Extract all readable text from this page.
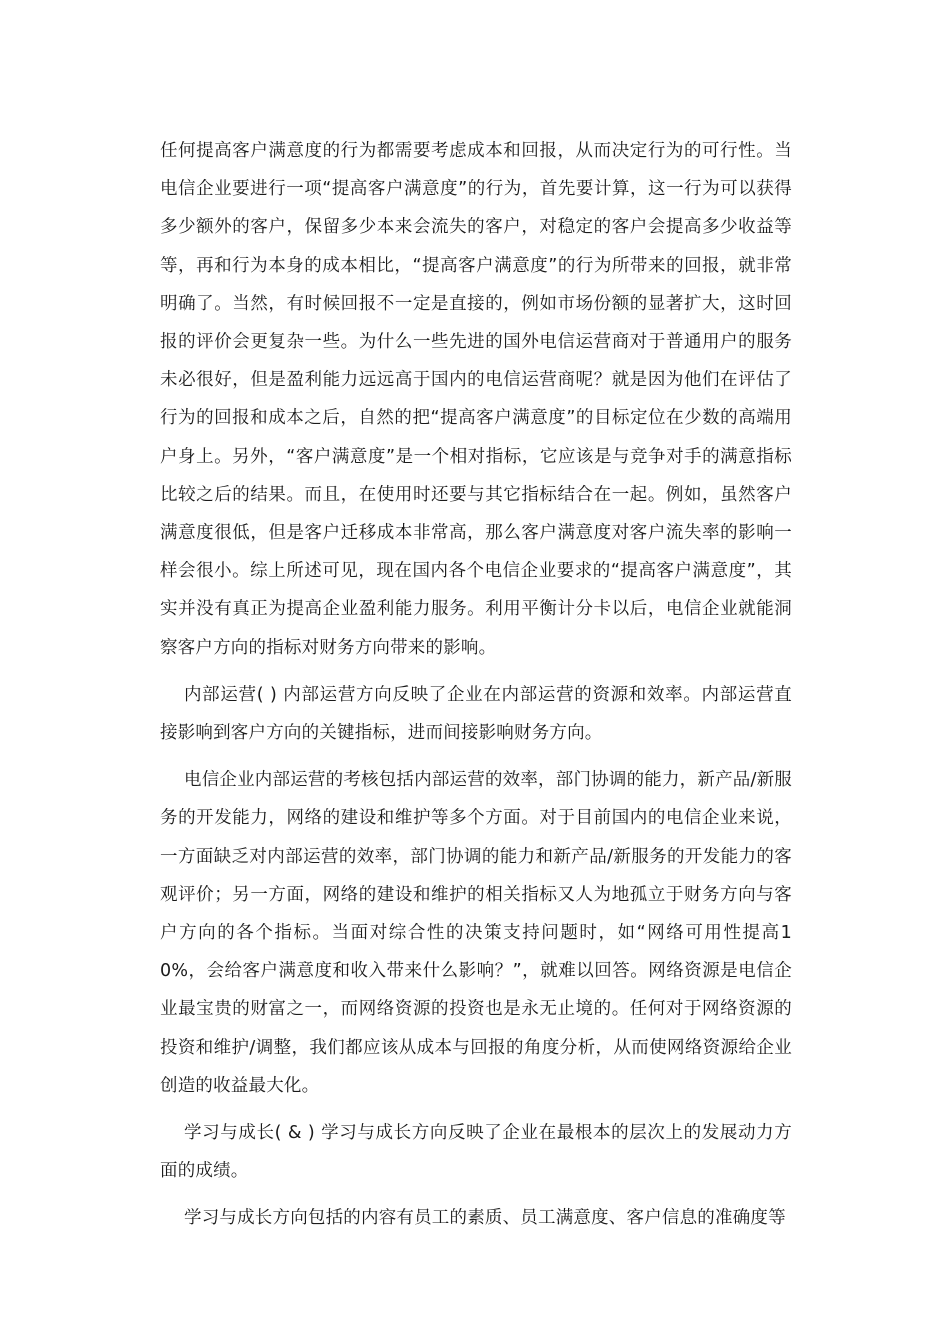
任何提高客户满意度的行为都需要考虑成本和回报，从而决定行为的可行性。当电信企业要进行一项“提高客户满意度”的行为，首先要计算，这一行为可以获得多少额外的客户，保留多少本来会流失的客户，对稳定的客户会提高多少收益等等，再和行为本身的成本相比，“提高客户满意度”的行为所带来的回报，就非常明确了。当然，有时候回报不一定是直接的，例如市场份额的显著扩大，这时回报的评价会更复杂一些。为什么一些先进的国外电信运营商对于普通用户的服务未必很好，但是盈利能力远远高于国内的电信运营商呢？就是因为他们在评估了行为的回报和成本之后，自然的把“提高客户满意度”的目标定位在少数的高端用户身上。另外，“客户满意度”是一个相对指标，它应该是与竞争对手的满意指标比较之后的结果。而且，在使用时还要与其它指标结合在一起。例如，虽然客户满意度很低，但是客户迁移成本非常高，那么客户满意度对客户流失率的影响一样会很小。综上所述可见，现在国内各个电信企业要求的“提高客户满意度”，其实并没有真正为提高企业盈利能力服务。利用平衡计分卡以后，电信企业就能洞察客户方向的指标对财务方向带来的影响。

内部运营( ) 内部运营方向反映了企业在内部运营的资源和效率。内部运营直接影响到客户方向的关键指标，进而间接影响财务方向。

电信企业内部运营的考核包括内部运营的效率，部门协调的能力，新产品/新服务的开发能力，网络的建设和维护等多个方面。对于目前国内的电信企业来说，一方面缺乏对内部运营的效率，部门协调的能力和新产品/新服务的开发能力的客观评价；另一方面，网络的建设和维护的相关指标又人为地孤立于财务方向与客户方向的各个指标。当面对综合性的决策支持问题时，如“网络可用性提高10%，会给客户满意度和收入带来什么影响？”，就难以回答。网络资源是电信企业最宝贵的财富之一，而网络资源的投资也是永无止境的。任何对于网络资源的投资和维护/调整，我们都应该从成本与回报的角度分析，从而使网络资源给企业创造的收益最大化。

学习与成长( & ) 学习与成长方向反映了企业在最根本的层次上的发展动力方面的成绩。

学习与成长方向包括的内容有员工的素质、员工满意度、客户信息的准确度等
